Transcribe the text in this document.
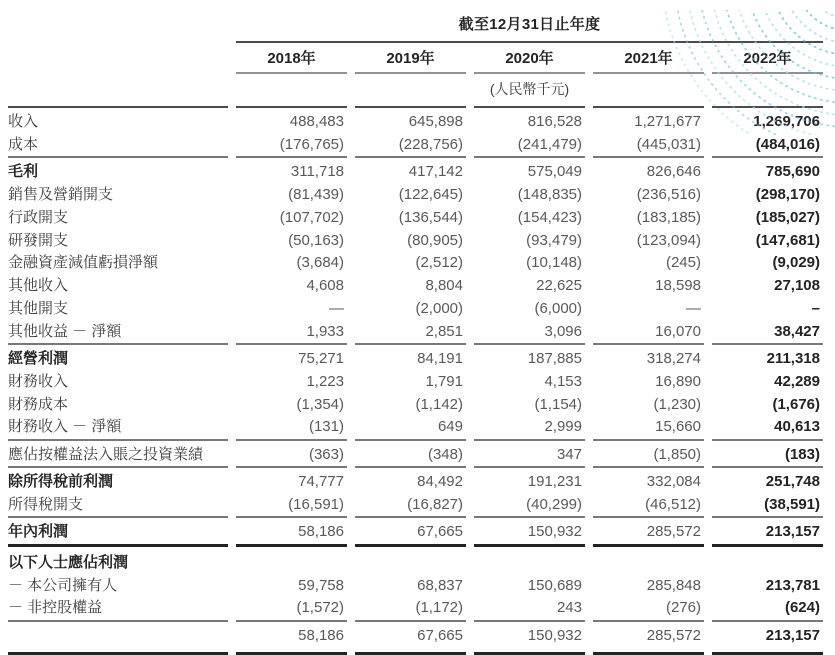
	截至12月31日止年度				
	2018年	2019年	2020年	2021年	2022年
	(人民幣千元)				
收入	488,483	645,898	816,528	1,271,677	1,269,706
成本	(176,765)	(228,756)	(241,479)	(445,031)	(484,016)
毛利	311,718	417,142	575,049	826,646	785,690
銷售及營銷開支	(81,439)	(122,645)	(148,835)	(236,516)	(298,170)
行政開支	(107,702)	(136,544)	(154,423)	(183,185)	(185,027)
研發開支	(50,163)	(80,905)	(93,479)	(123,094)	(147,681)
金融資產減值虧損淨額	(3,684)	(2,512)	(10,148)	(245)	(9,029)
其他收入	4,608	8,804	22,625	18,598	27,108
其他開支	—	(2,000)	(6,000)	—	–
其他收益 － 淨額	1,933	2,851	3,096	16,070	38,427
經營利潤	75,271	84,191	187,885	318,274	211,318
財務收入	1,223	1,791	4,153	16,890	42,289
財務成本	(1,354)	(1,142)	(1,154)	(1,230)	(1,676)
財務收入 － 淨額	(131)	649	2,999	15,660	40,613
應佔按權益法入賬之投資業績	(363)	(348)	347	(1,850)	(183)
除所得稅前利潤	74,777	84,492	191,231	332,084	251,748
所得稅開支	(16,591)	(16,827)	(40,299)	(46,512)	(38,591)
年內利潤	58,186	67,665	150,932	285,572	213,157
以下人士應佔利潤					
－ 本公司擁有人	59,758	68,837	150,689	285,848	213,781
－ 非控股權益	(1,572)	(1,172)	243	(276)	(624)
	58,186	67,665	150,932	285,572	213,157
